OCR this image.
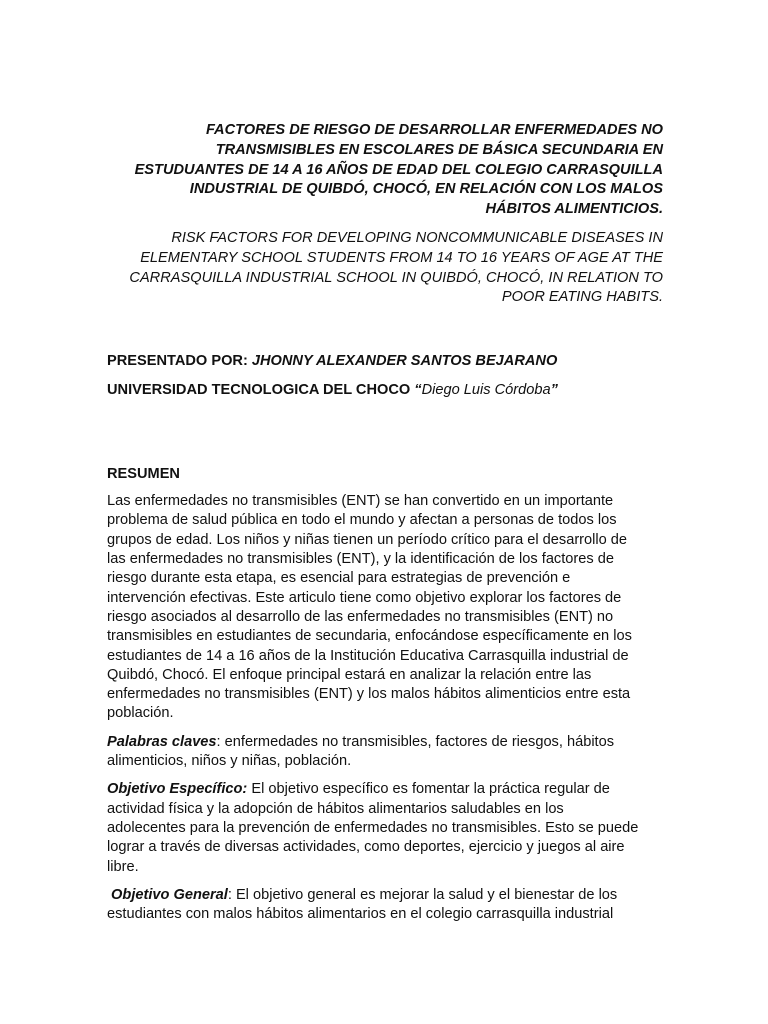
FACTORES DE RIESGO DE DESARROLLAR ENFERMEDADES NO
TRANSMISIBLES EN ESCOLARES DE BÁSICA SECUNDARIA EN
ESTUDUANTES DE 14 A 16 AÑOS DE EDAD DEL COLEGIO CARRASQUILLA
INDUSTRIAL DE QUIBDÓ, CHOCÓ, EN RELACIÓN CON LOS MALOS
HÁBITOS ALIMENTICIOS.

RISK FACTORS FOR DEVELOPING NONCOMMUNICABLE DISEASES IN
ELEMENTARY SCHOOL STUDENTS FROM 14 TO 16 YEARS OF AGE AT THE
CARRASQUILLA INDUSTRIAL SCHOOL IN QUIBDÓ, CHOCÓ, IN RELATION TO
POOR EATING HABITS.

PRESENTADO POR: JHONNY ALEXANDER SANTOS BEJARANO

UNIVERSIDAD TECNOLOGICA DEL CHOCO “Diego Luis Córdoba”

RESUMEN

Las enfermedades no transmisibles (ENT) se han convertido en un importante
problema de salud pública en todo el mundo y afectan a personas de todos los
grupos de edad. Los niños y niñas tienen un período crítico para el desarrollo de
las enfermedades no transmisibles (ENT), y la identificación de los factores de
riesgo durante esta etapa, es esencial para estrategias de prevención e
intervención efectivas. Este articulo tiene como objetivo explorar los factores de
riesgo asociados al desarrollo de las enfermedades no transmisibles (ENT) no
transmisibles en estudiantes de secundaria, enfocándose específicamente en los
estudiantes de 14 a 16 años de la Institución Educativa Carrasquilla industrial de
Quibdó, Chocó. El enfoque principal estará en analizar la relación entre las
enfermedades no transmisibles (ENT) y los malos hábitos alimenticios entre esta
población.

Palabras claves: enfermedades no transmisibles, factores de riesgos, hábitos
alimenticios, niños y niñas, población.

Objetivo Específico: El objetivo específico es fomentar la práctica regular de
actividad física y la adopción de hábitos alimentarios saludables en los
adolecentes para la prevención de enfermedades no transmisibles. Esto se puede
lograr a través de diversas actividades, como deportes, ejercicio y juegos al aire
libre.

Objetivo General: El objetivo general es mejorar la salud y el bienestar de los
estudiantes con malos hábitos alimentarios en el colegio carrasquilla industrial
